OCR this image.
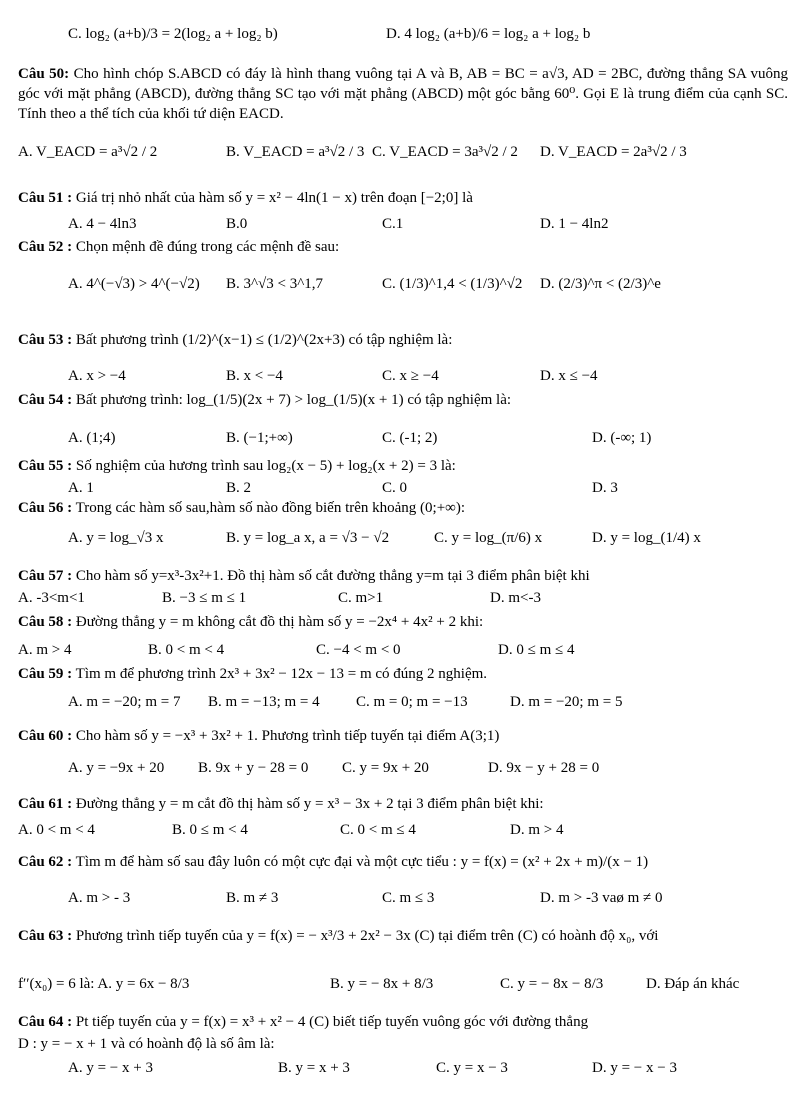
C. log₂ (a+b)/3 = 2(log₂ a + log₂ b)	D. 4 log₂ (a+b)/6 = log₂ a + log₂ b
Câu 50: Cho hình chóp S.ABCD có đáy là hình thang vuông tại A và B, AB = BC = a√3, AD = 2BC, đường thẳng SA vuông góc với mặt phẳng (ABCD), đường thẳng SC tạo với mặt phẳng (ABCD) một góc bằng 60⁰. Gọi E là trung điểm của cạnh SC. Tính theo a thể tích của khối tứ diện EACD.
A. V_EACD = a³√2 / 2	B. V_EACD = a³√2 / 3 C. V_EACD = 3a³√2 / 2 D. V_EACD = 2a³√2 / 3
Câu 51 : Giá trị nhỏ nhất của hàm số y = x² − 4ln(1 − x) trên đoạn [−2;0] là
A. 4 − 4ln3	B.0	C.1	D. 1 − 4ln2
Câu 52 : Chọn mệnh đề đúng trong các mệnh đề sau:
A. 4^(−√3) > 4^(−√2) B. 3^√3 < 3^1,7	C. (1/3)^1,4 < (1/3)^√2 D. (2/3)^π < (2/3)^e
Câu 53 : Bất phương trình (1/2)^(x−1) ≤ (1/2)^(2x+3) có tập nghiệm là:
A. x > −4	B. x < −4	C. x ≥ −4	D. x ≤ −4
Câu 54 : Bất phương trình: log_(1/5)(2x + 7) > log_(1/5)(x + 1) có tập nghiệm là:
A. (1;4)	B. (−1;+∞)	C. (-1; 2)	D. (-∞; 1)
Câu 55 : Số nghiệm của hương trình sau log₂(x − 5) + log₂(x + 2) = 3 là:
A. 1	B. 2	C. 0	D. 3
Câu 56 : Trong các hàm số sau,hàm số nào đồng biến trên khoảng (0;+∞):
A. y = log_√3 x	B. y = log_a x, a = √3 − √2	C. y = log_(π/6) x	D. y = log_(1/4) x
Câu 57 : Cho hàm số y=x³-3x²+1. Đồ thị hàm số cắt đường thẳng y=m tại 3 điểm phân biệt khi
A. -3<m<1	B. −3 ≤ m ≤ 1	C. m>1	D. m<-3
Câu 58 : Đường thẳng y = m không cắt đồ thị hàm số y = −2x⁴ + 4x² + 2 khi:
A. m > 4	B. 0 < m < 4	C. −4 < m < 0	D. 0 ≤ m ≤ 4
Câu 59 : Tìm m để phương trình 2x³ + 3x² − 12x − 13 = m có đúng 2 nghiệm.
A. m = −20; m = 7 B. m = −13; m = 4 C. m = 0; m = −13	D. m = −20; m = 5
Câu 60 : Cho hàm số y = −x³ + 3x² + 1. Phương trình tiếp tuyến tại điểm A(3;1)
A. y = −9x + 20 B. 9x + y − 28 = 0 C. y = 9x + 20	D. 9x − y + 28 = 0
Câu 61 : Đường thẳng y = m cắt đồ thị hàm số y = x³ − 3x + 2 tại 3 điểm phân biệt khi:
A. 0 < m < 4	B. 0 ≤ m < 4	C. 0 < m ≤ 4	D. m > 4
Câu 62 : Tìm m để hàm số sau đây luôn có một cực đại và một cực tiểu : y = f(x) = (x² + 2x + m)/(x − 1)
A. m > - 3	B. m ≠ 3	C. m ≤ 3	D. m > -3 vaø m ≠ 0
Câu 63 : Phương trình tiếp tuyến của y = f(x) = − x³/3 + 2x² − 3x (C) tại điểm trên (C) có hoành độ x₀, với
f′′(x₀) = 6 là: A. y = 6x − 8/3	B. y = − 8x + 8/3	C. y = − 8x − 8/3	D. Đáp án khác
Câu 64 : Pt tiếp tuyến của y = f(x) = x³ + x² − 4 (C) biết tiếp tuyến vuông góc với đường thẳng
D : y = − x + 1 và có hoành độ là số âm là:
A. y = − x + 3	B. y = x + 3	C. y = x − 3	D. y = − x − 3
